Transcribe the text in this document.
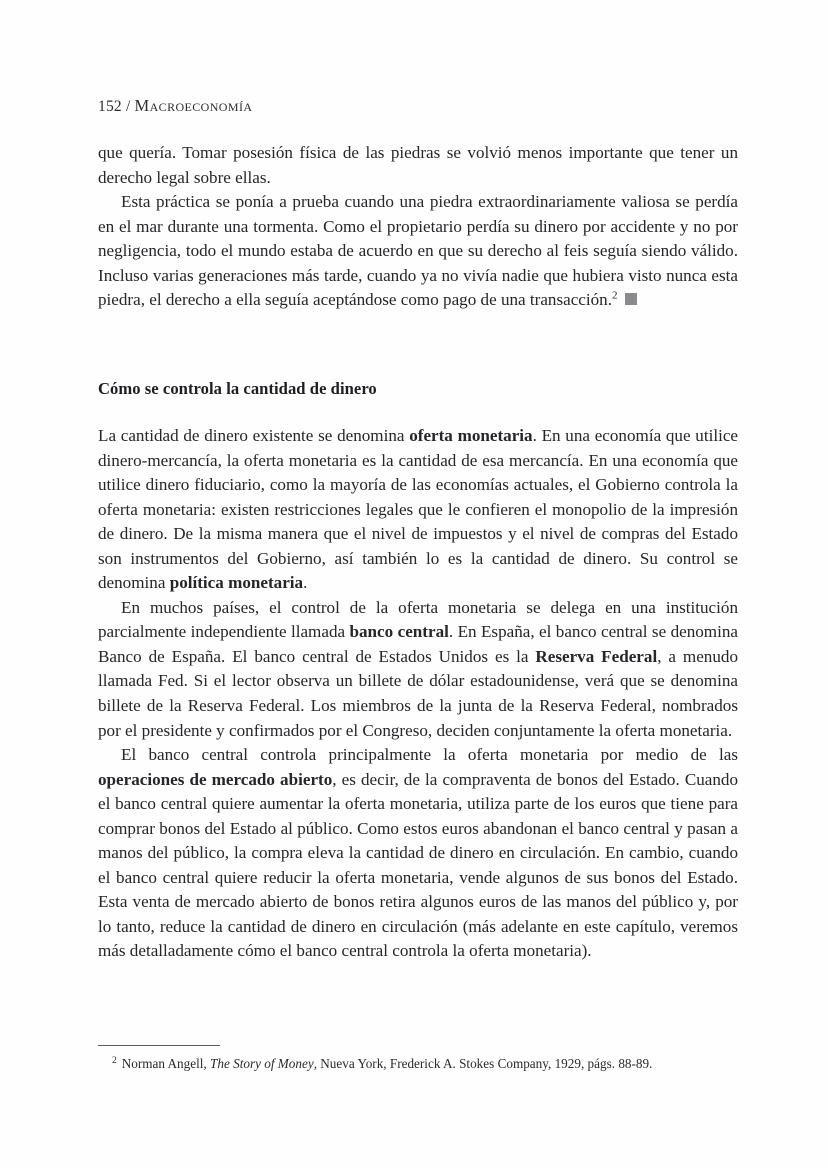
152 / Macroeconomía

que quería. Tomar posesión física de las piedras se volvió menos importante que tener un derecho legal sobre ellas.

Esta práctica se ponía a prueba cuando una piedra extraordinariamente valiosa se perdía en el mar durante una tormenta. Como el propietario perdía su dinero por accidente y no por negligencia, todo el mundo estaba de acuerdo en que su derecho al feis seguía siendo válido. Incluso varias generaciones más tarde, cuando ya no vivía nadie que hubiera visto nunca esta piedra, el derecho a ella seguía aceptándose como pago de una transacción.$^2$

Cómo se controla la cantidad de dinero

La cantidad de dinero existente se denomina oferta monetaria. En una economía que utilice dinero-mercancía, la oferta monetaria es la cantidad de esa mercancía. En una economía que utilice dinero fiduciario, como la mayoría de las economías actuales, el Gobierno controla la oferta monetaria: existen restricciones legales que le confieren el monopolio de la impresión de dinero. De la misma manera que el nivel de impuestos y el nivel de compras del Estado son instrumentos del Gobierno, así también lo es la cantidad de dinero. Su control se denomina política monetaria.

En muchos países, el control de la oferta monetaria se delega en una institución parcialmente independiente llamada banco central. En España, el banco central se denomina Banco de España. El banco central de Estados Unidos es la Reserva Federal, a menudo llamada Fed. Si el lector observa un billete de dólar estadounidense, verá que se denomina billete de la Reserva Federal. Los miembros de la junta de la Reserva Federal, nombrados por el presidente y confirmados por el Congreso, deciden conjuntamente la oferta monetaria.

El banco central controla principalmente la oferta monetaria por medio de las operaciones de mercado abierto, es decir, de la compraventa de bonos del Estado. Cuando el banco central quiere aumentar la oferta monetaria, utiliza parte de los euros que tiene para comprar bonos del Estado al público. Como estos euros abandonan el banco central y pasan a manos del público, la compra eleva la cantidad de dinero en circulación. En cambio, cuando el banco central quiere reducir la oferta monetaria, vende algunos de sus bonos del Estado. Esta venta de mercado abierto de bonos retira algunos euros de las manos del público y, por lo tanto, reduce la cantidad de dinero en circulación (más adelante en este capítulo, veremos más detalladamente cómo el banco central controla la oferta monetaria).

$^2$ Norman Angell, The Story of Money, Nueva York, Frederick A. Stokes Company, 1929, págs. 88-89.
